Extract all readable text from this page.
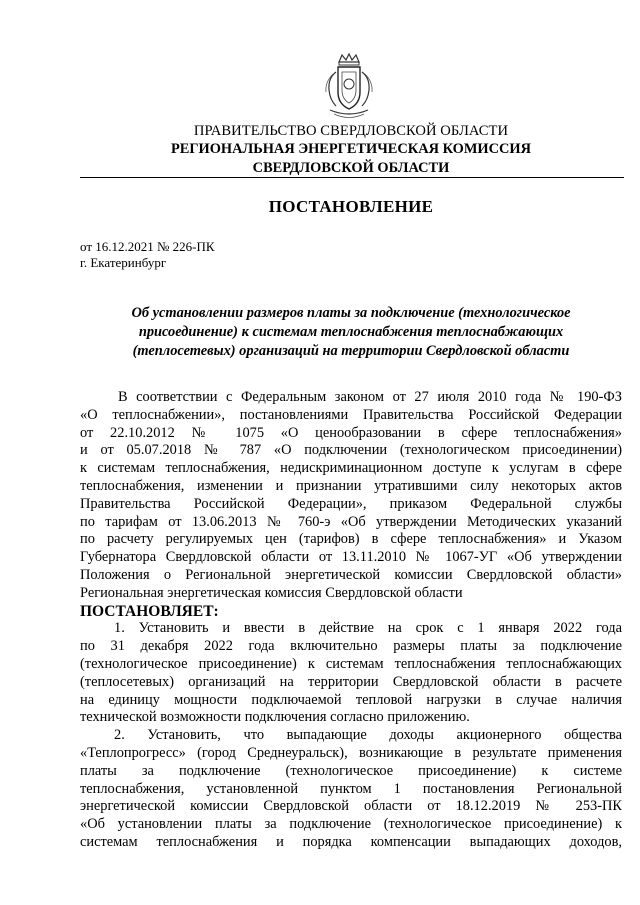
ПРАВИТЕЛЬСТВО СВЕРДЛОВСКОЙ ОБЛАСТИ
РЕГИОНАЛЬНАЯ ЭНЕРГЕТИЧЕСКАЯ КОМИССИЯ
СВЕРДЛОВСКОЙ ОБЛАСТИ
ПОСТАНОВЛЕНИЕ
от 16.12.2021 № 226-ПК
г. Екатеринбург
Об установлении размеров платы за подключение (технологическое
присоединение) к системам теплоснабжения теплоснабжающих
(теплосетевых) организаций на территории Свердловской области
В соответствии с Федеральным законом от 27 июля 2010 года № 190-ФЗ
«О теплоснабжении», постановлениями Правительства Российской Федерации
от 22.10.2012 № 1075 «О ценообразовании в сфере теплоснабжения»
и от 05.07.2018 № 787 «О подключении (технологическом присоединении)
к системам теплоснабжения, недискриминационном доступе к услугам в сфере
теплоснабжения, изменении и признании утратившими силу некоторых актов
Правительства Российской Федерации», приказом Федеральной службы
по тарифам от 13.06.2013 № 760-э «Об утверждении Методических указаний
по расчету регулируемых цен (тарифов) в сфере теплоснабжения» и Указом
Губернатора Свердловской области от 13.11.2010 № 1067-УГ «Об утверждении
Положения о Региональной энергетической комиссии Свердловской области»
Региональная энергетическая комиссия Свердловской области
ПОСТАНОВЛЯЕТ:
1. Установить и ввести в действие на срок с 1 января 2022 года
по 31 декабря 2022 года включительно размеры платы за подключение
(технологическое присоединение) к системам теплоснабжения теплоснабжающих
(теплосетевых) организаций на территории Свердловской области в расчете
на единицу мощности подключаемой тепловой нагрузки в случае наличия
технической возможности подключения согласно приложению.
2. Установить, что выпадающие доходы акционерного общества
«Теплопрогресс» (город Среднеуральск), возникающие в результате применения
платы за подключение (технологическое присоединение) к системе
теплоснабжения, установленной пунктом 1 постановления Региональной
энергетической комиссии Свердловской области от 18.12.2019 № 253-ПК
«Об установлении платы за подключение (технологическое присоединение) к
системам теплоснабжения и порядка компенсации выпадающих доходов,
